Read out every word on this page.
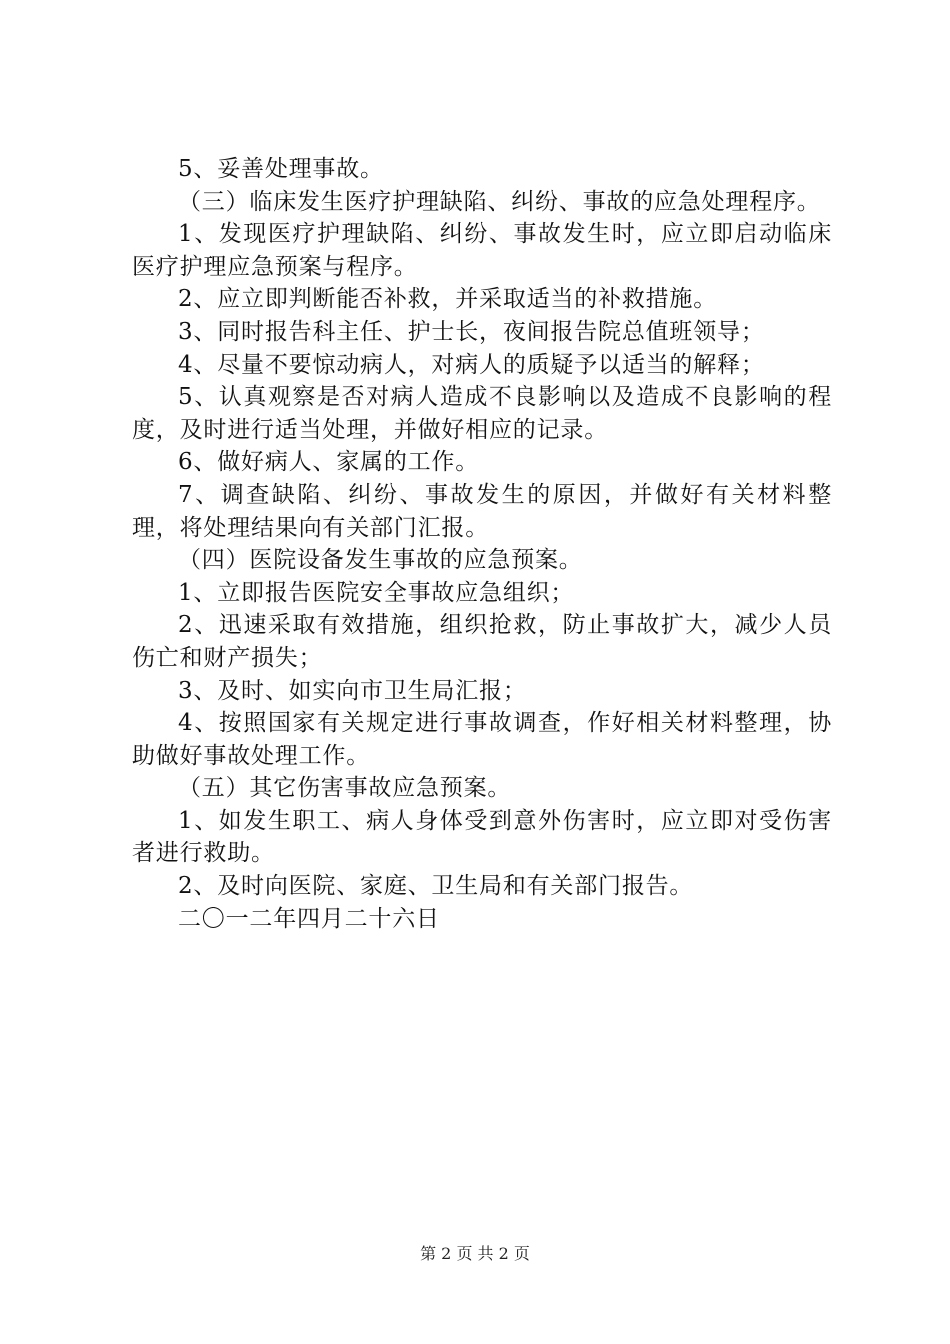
5、妥善处理事故。

（三）临床发生医疗护理缺陷、纠纷、事故的应急处理程序。

1、发现医疗护理缺陷、纠纷、事故发生时，应立即启动临床医疗护理应急预案与程序。

2、应立即判断能否补救，并采取适当的补救措施。

3、同时报告科主任、护士长，夜间报告院总值班领导；

4、尽量不要惊动病人，对病人的质疑予以适当的解释；

5、认真观察是否对病人造成不良影响以及造成不良影响的程度，及时进行适当处理，并做好相应的记录。

6、做好病人、家属的工作。

7、调查缺陷、纠纷、事故发生的原因，并做好有关材料整理，将处理结果向有关部门汇报。

（四）医院设备发生事故的应急预案。

1、立即报告医院安全事故应急组织；

2、迅速采取有效措施，组织抢救，防止事故扩大，减少人员伤亡和财产损失；

3、及时、如实向市卫生局汇报；

4、按照国家有关规定进行事故调查，作好相关材料整理，协助做好事故处理工作。

（五）其它伤害事故应急预案。

1、如发生职工、病人身体受到意外伤害时，应立即对受伤害者进行救助。

2、及时向医院、家庭、卫生局和有关部门报告。

二〇一二年四月二十六日

第 2 页 共 2 页
